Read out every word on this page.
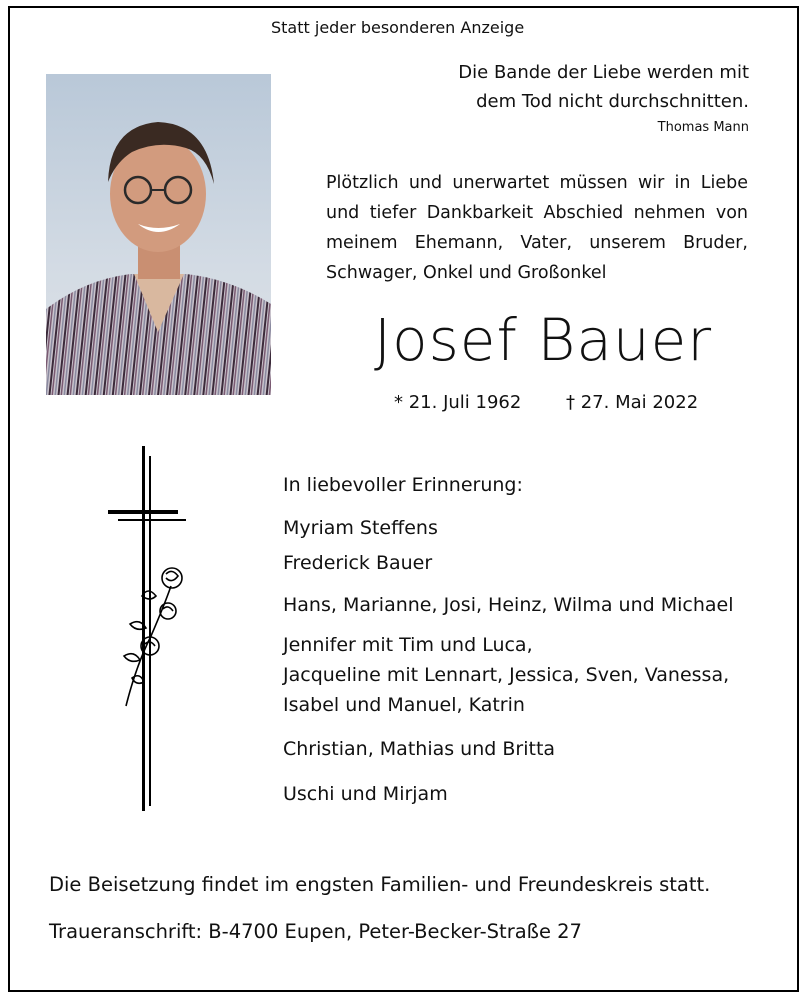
Statt jeder besonderen Anzeige

Die Bande der Liebe werden mit

dem Tod nicht durchschnitten.

Thomas Mann

Plötzlich und unerwartet müssen wir in Liebe
und tiefer Dankbarkeit Abschied nehmen von
meinem Ehemann, Vater, unserem Bruder,
Schwager, Onkel und Großonkel

Josef Bauer

* 21. Juli 1962 † 27. Mai 2022

In liebevoller Erinnerung:

Myriam Steffens

Frederick Bauer

Hans, Marianne, Josi, Heinz, Wilma und Michael

Jennifer mit Tim und Luca,

Jacqueline mit Lennart, Jessica, Sven, Vanessa,

Isabel und Manuel, Katrin

Christian, Mathias und Britta

Uschi und Mirjam

Die Beisetzung findet im engsten Familien- und Freundeskreis statt.

Traueranschrift: B-4700 Eupen, Peter-Becker-Straße 27
